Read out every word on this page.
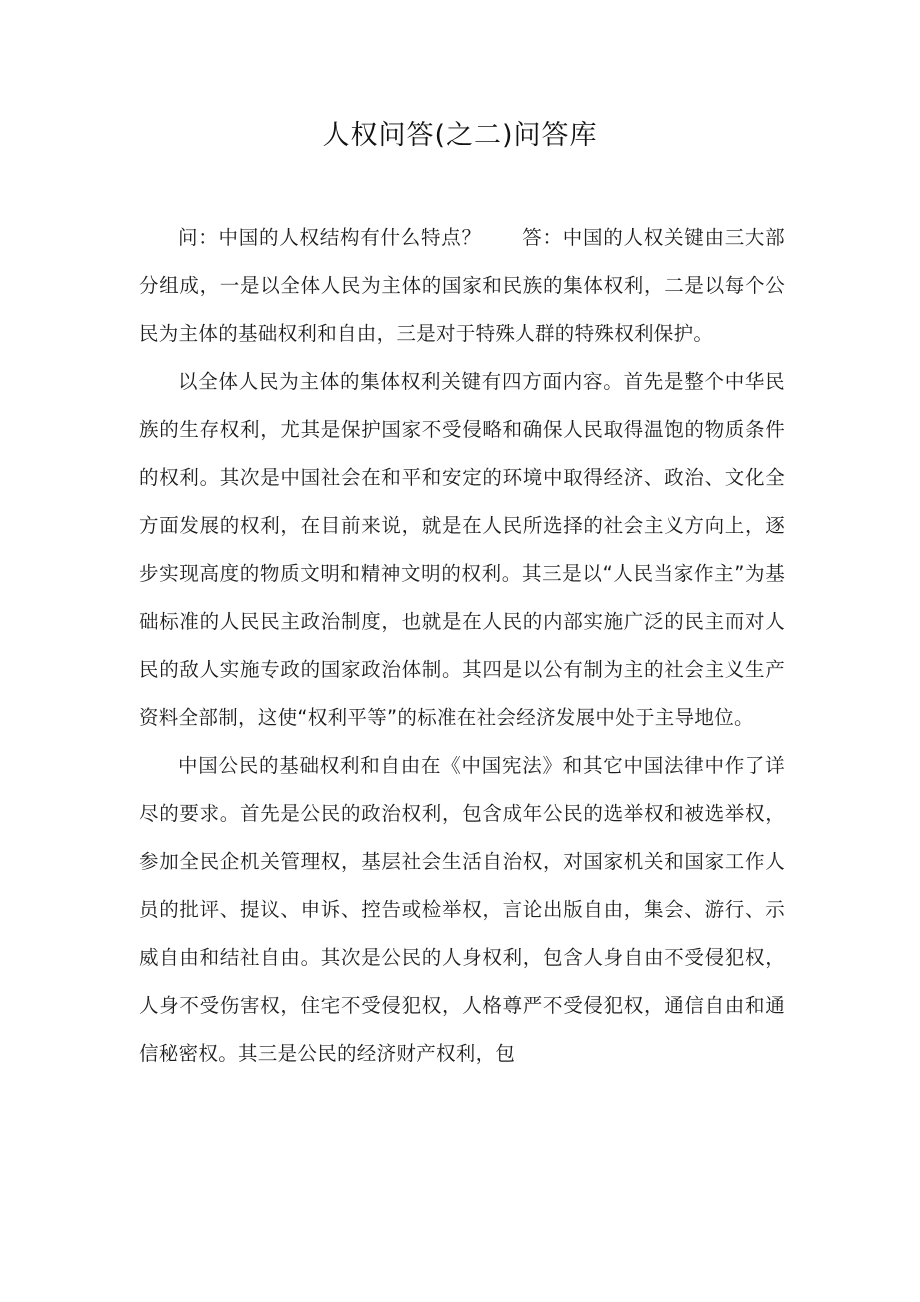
人权问答(之二)问答库

问：中国的人权结构有什么特点？　　答：中国的人权关键由三大部分组成，一是以全体人民为主体的国家和民族的集体权利，二是以每个公民为主体的基础权利和自由，三是对于特殊人群的特殊权利保护。

以全体人民为主体的集体权利关键有四方面内容。首先是整个中华民族的生存权利，尤其是保护国家不受侵略和确保人民取得温饱的物质条件的权利。其次是中国社会在和平和安定的环境中取得经济、政治、文化全方面发展的权利，在目前来说，就是在人民所选择的社会主义方向上，逐步实现高度的物质文明和精神文明的权利。其三是以“人民当家作主”为基础标准的人民民主政治制度，也就是在人民的内部实施广泛的民主而对人民的敌人实施专政的国家政治体制。其四是以公有制为主的社会主义生产资料全部制，这使“权利平等”的标准在社会经济发展中处于主导地位。

中国公民的基础权利和自由在《中国宪法》和其它中国法律中作了详尽的要求。首先是公民的政治权利，包含成年公民的选举权和被选举权，参加全民企机关管理权，基层社会生活自治权，对国家机关和国家工作人员的批评、提议、申诉、控告或检举权，言论出版自由，集会、游行、示威自由和结社自由。其次是公民的人身权利，包含人身自由不受侵犯权，人身不受伤害权，住宅不受侵犯权，人格尊严不受侵犯权，通信自由和通信秘密权。其三是公民的经济财产权利，包
